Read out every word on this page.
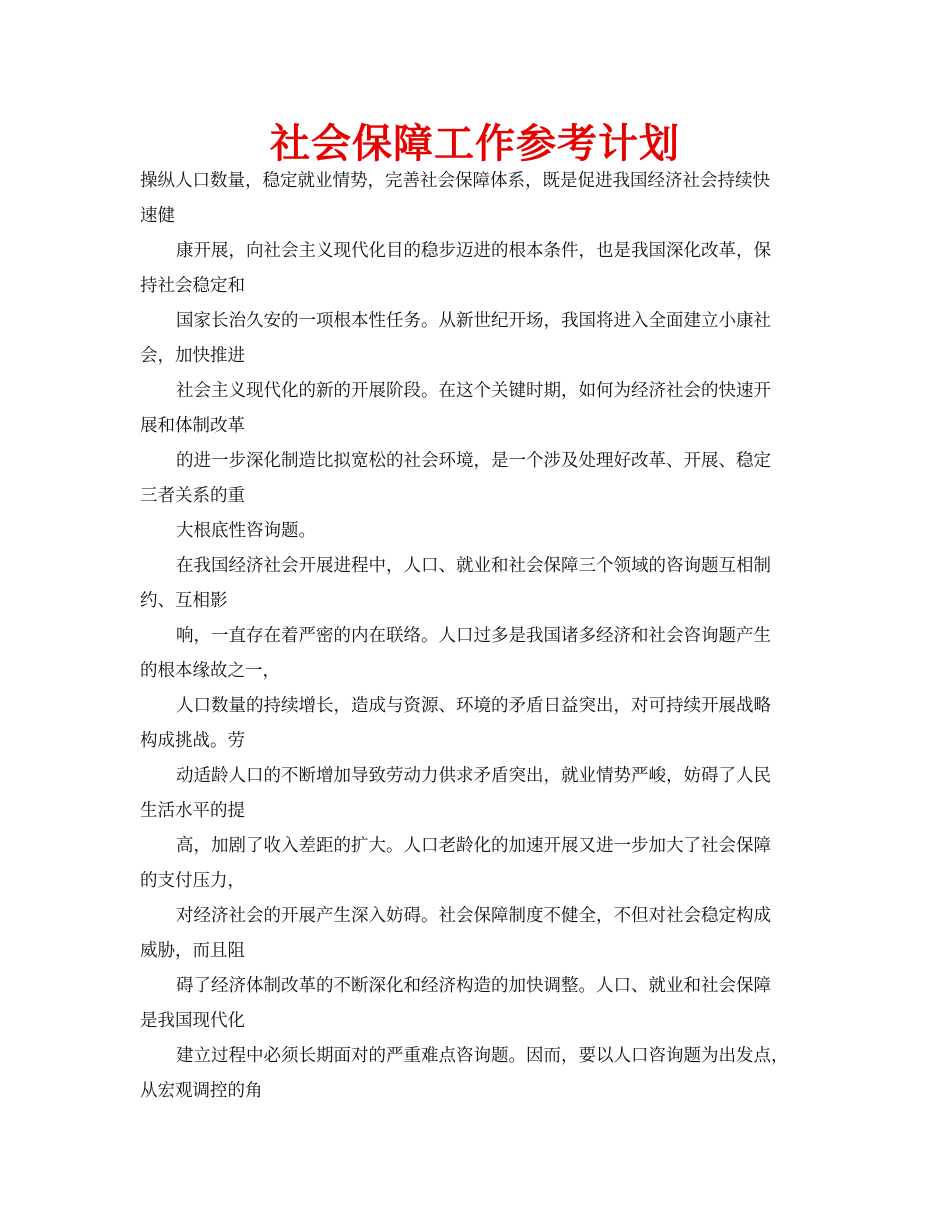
社会保障工作参考计划
操纵人口数量，稳定就业情势，完善社会保障体系，既是促进我国经济社会持续快
速健
康开展，向社会主义现代化目的稳步迈进的根本条件，也是我国深化改革，保
持社会稳定和
国家长治久安的一项根本性任务。从新世纪开场，我国将进入全面建立小康社
会，加快推进
社会主义现代化的新的开展阶段。在这个关键时期，如何为经济社会的快速开
展和体制改革
的进一步深化制造比拟宽松的社会环境，是一个涉及处理好改革、开展、稳定
三者关系的重
大根底性咨询题。
在我国经济社会开展进程中，人口、就业和社会保障三个领域的咨询题互相制
约、互相影
响，一直存在着严密的内在联络。人口过多是我国诸多经济和社会咨询题产生
的根本缘故之一，
人口数量的持续增长，造成与资源、环境的矛盾日益突出，对可持续开展战略
构成挑战。劳
动适龄人口的不断增加导致劳动力供求矛盾突出，就业情势严峻，妨碍了人民
生活水平的提
高，加剧了收入差距的扩大。人口老龄化的加速开展又进一步加大了社会保障
的支付压力，
对经济社会的开展产生深入妨碍。社会保障制度不健全，不但对社会稳定构成
威胁，而且阻
碍了经济体制改革的不断深化和经济构造的加快调整。人口、就业和社会保障
是我国现代化
建立过程中必须长期面对的严重难点咨询题。因而，要以人口咨询题为出发点，
从宏观调控的角
